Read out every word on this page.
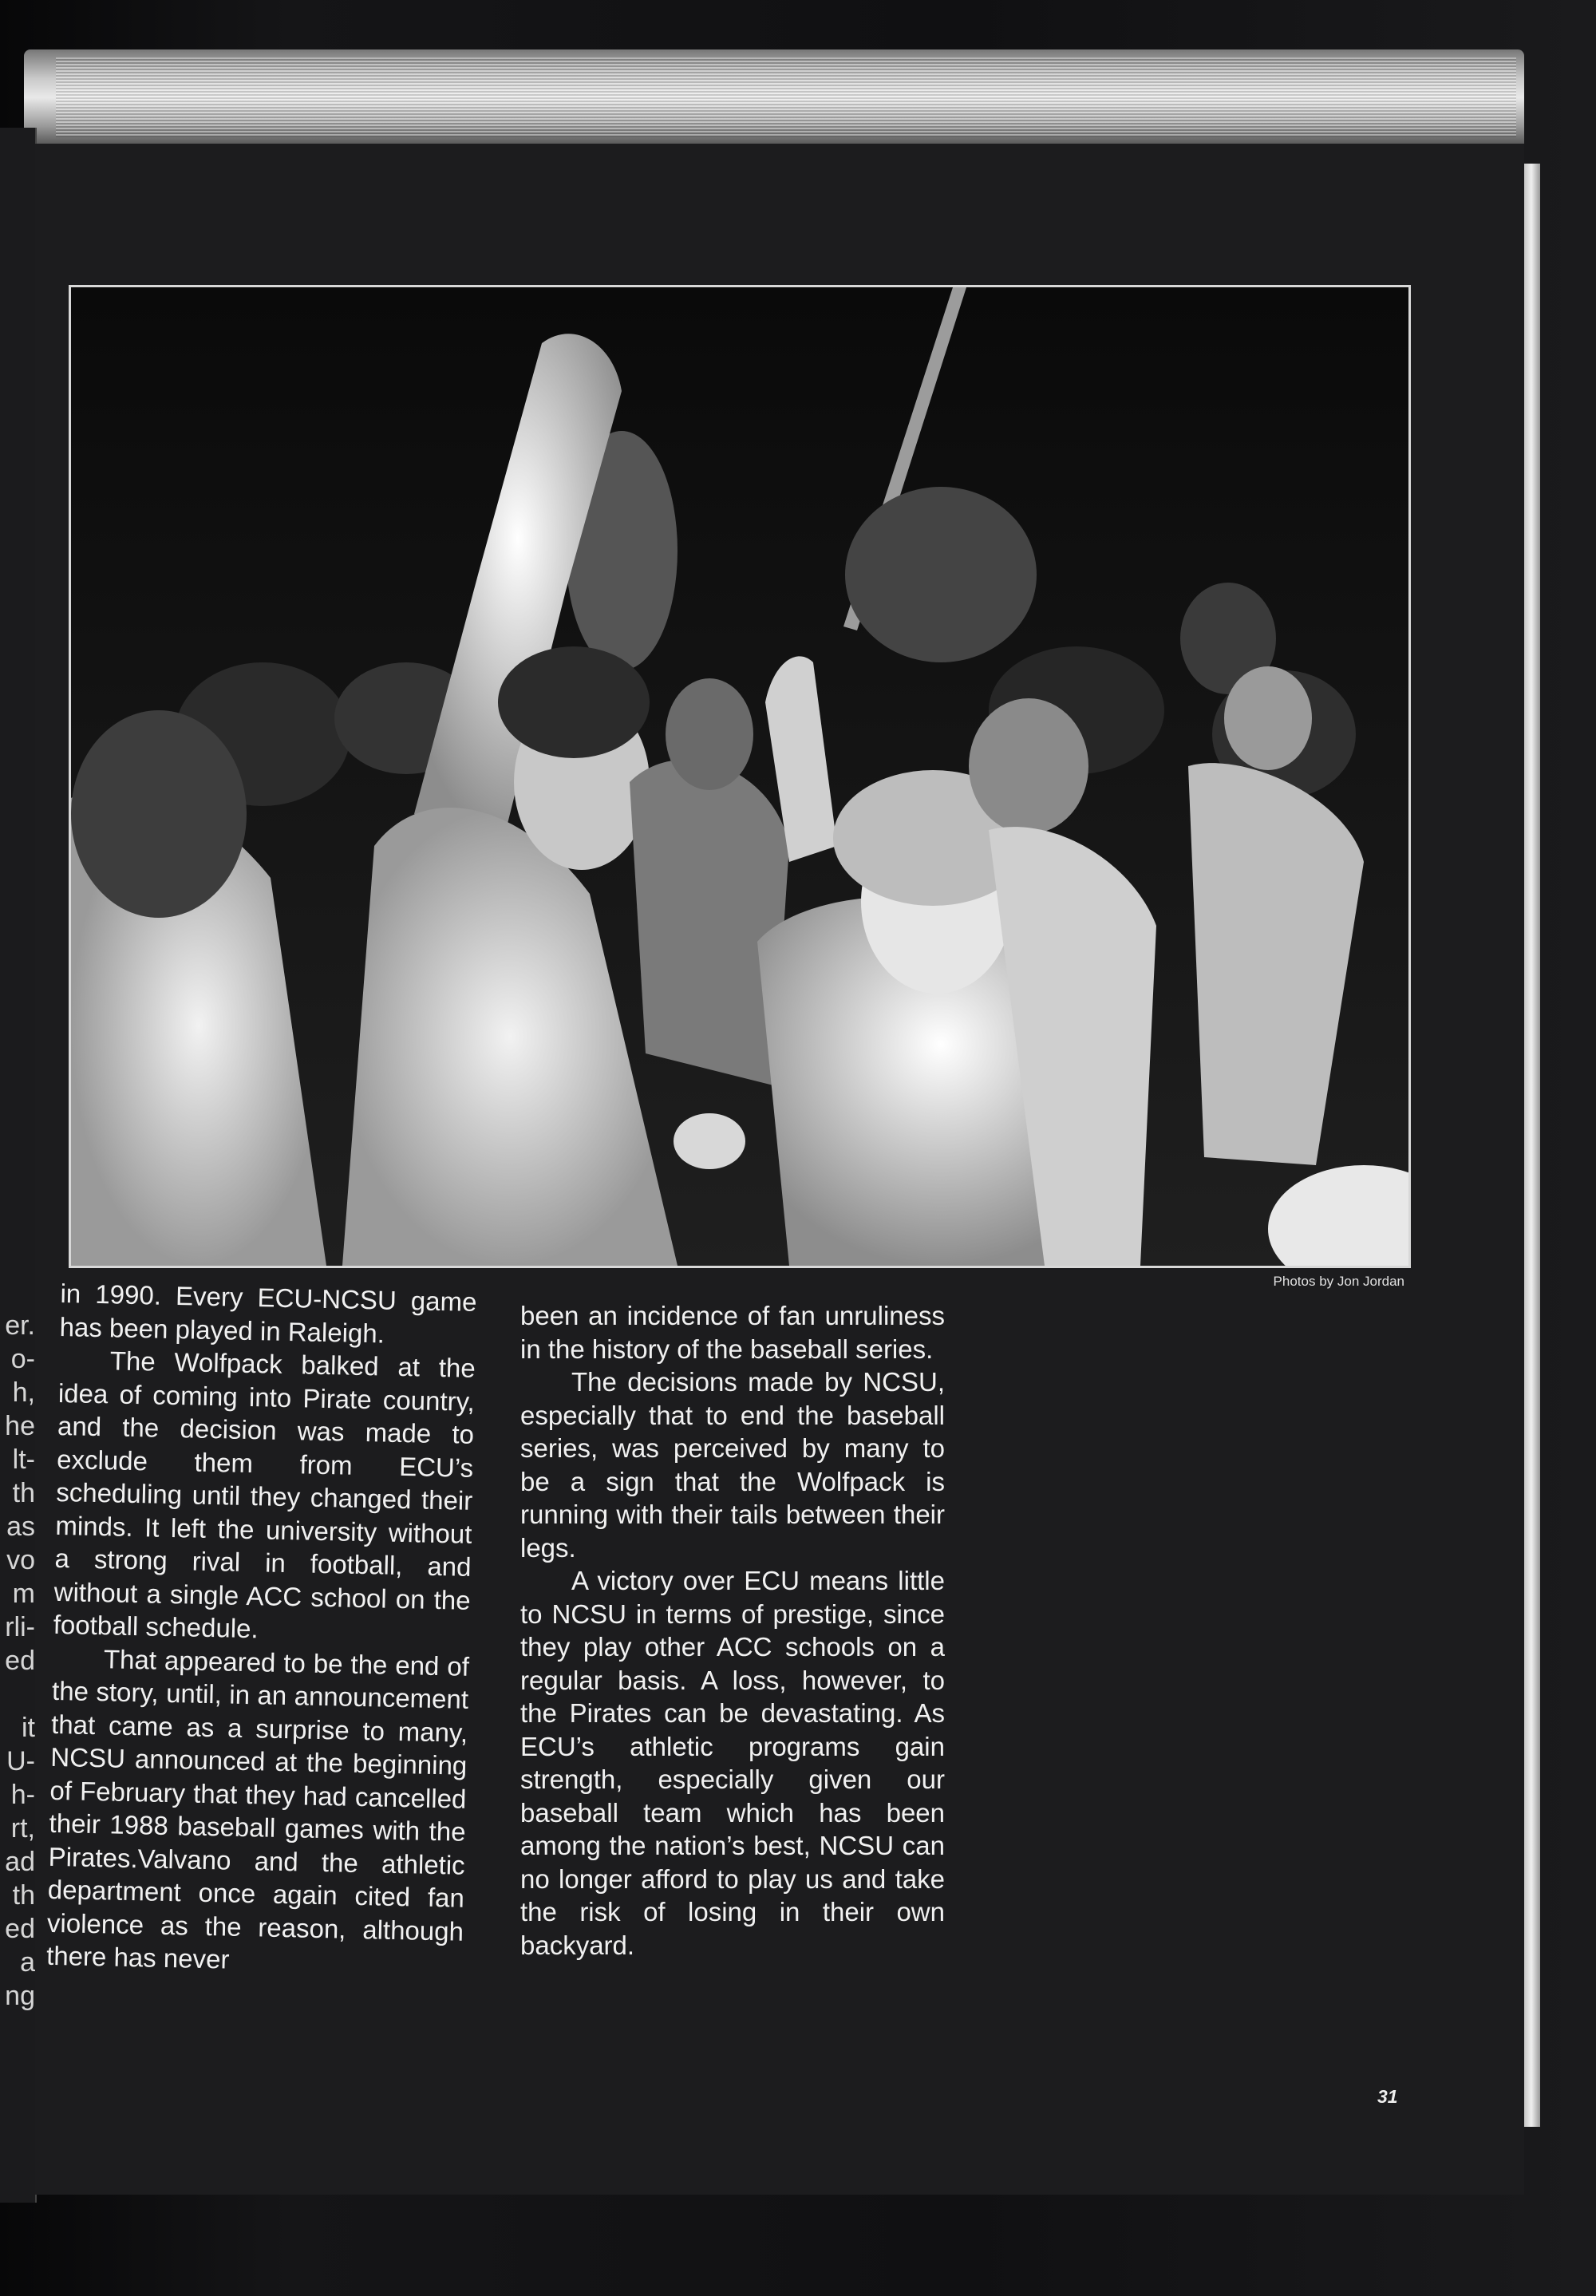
er.
o-
h,
he
lt-
th
as
vo
m
rli-
ed
it
U-
h-
rt,
ad
th
ed
a
ng
Photos by Jon Jordan

in 1990. Every ECU-NCSU game has been played in Raleigh.

The Wolfpack balked at the idea of coming into Pirate country, and the decision was made to exclude them from ECU’s scheduling until they changed their minds. It left the university without a strong rival in football, and without a single ACC school on the football schedule.

That appeared to be the end of the story, until, in an announcement that came as a surprise to many, NCSU announced at the beginning of February that they had cancelled their 1988 baseball games with the Pirates.Valvano and the athletic department once again cited fan violence as the reason, although there has never

been an incidence of fan unruliness in the history of the baseball series.

The decisions made by NCSU, especially that to end the baseball series, was perceived by many to be a sign that the Wolfpack is running with their tails between their legs.

A victory over ECU means little to NCSU in terms of prestige, since they play other ACC schools on a regular basis. A loss, however, to the Pirates can be devastating. As ECU’s athletic programs gain strength, especially given our baseball team which has been among the nation’s best, NCSU can no longer afford to play us and take the risk of losing in their own backyard.

31
